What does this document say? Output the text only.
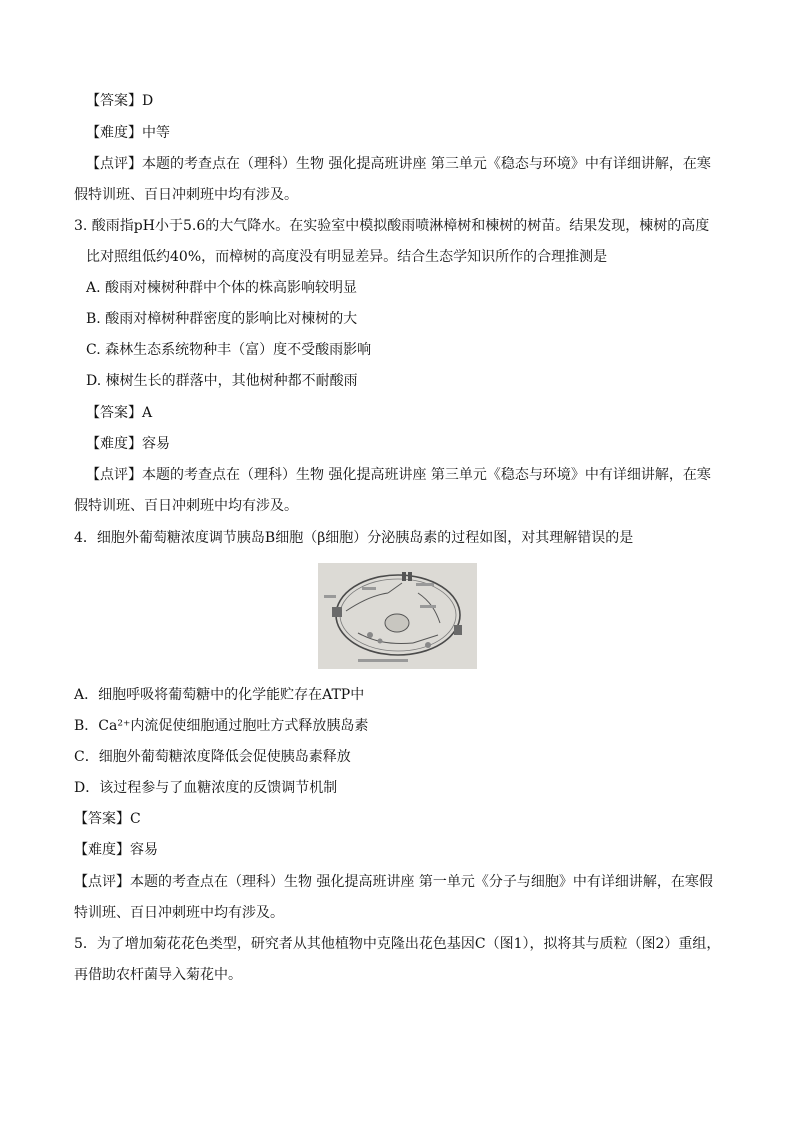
【答案】D
【难度】中等
【点评】本题的考查点在（理科）生物 强化提高班讲座 第三单元《稳态与环境》中有详细讲解，在寒
假特训班、百日冲刺班中均有涉及。
3. 酸雨指pH小于5.6的大气降水。在实验室中模拟酸雨喷淋樟树和楝树的树苗。结果发现，楝树的高度
比对照组低约40%，而樟树的高度没有明显差异。结合生态学知识所作的合理推测是
A. 酸雨对楝树种群中个体的株高影响较明显
B. 酸雨对樟树种群密度的影响比对楝树的大
C. 森林生态系统物种丰（富）度不受酸雨影响
D. 楝树生长的群落中，其他树种都不耐酸雨
【答案】A
【难度】容易
【点评】本题的考查点在（理科）生物 强化提高班讲座 第三单元《稳态与环境》中有详细讲解，在寒
假特训班、百日冲刺班中均有涉及。
4．细胞外葡萄糖浓度调节胰岛B细胞（β细胞）分泌胰岛素的过程如图，对其理解错误的是
A．细胞呼吸将葡萄糖中的化学能贮存在ATP中
B．Ca²⁺内流促使细胞通过胞吐方式释放胰岛素
C．细胞外葡萄糖浓度降低会促使胰岛素释放
D．该过程参与了血糖浓度的反馈调节机制
【答案】C
【难度】容易
【点评】本题的考查点在（理科）生物 强化提高班讲座 第一单元《分子与细胞》中有详细讲解，在寒假
特训班、百日冲刺班中均有涉及。
5．为了增加菊花花色类型，研究者从其他植物中克隆出花色基因C（图1），拟将其与质粒（图2）重组，
再借助农杆菌导入菊花中。
